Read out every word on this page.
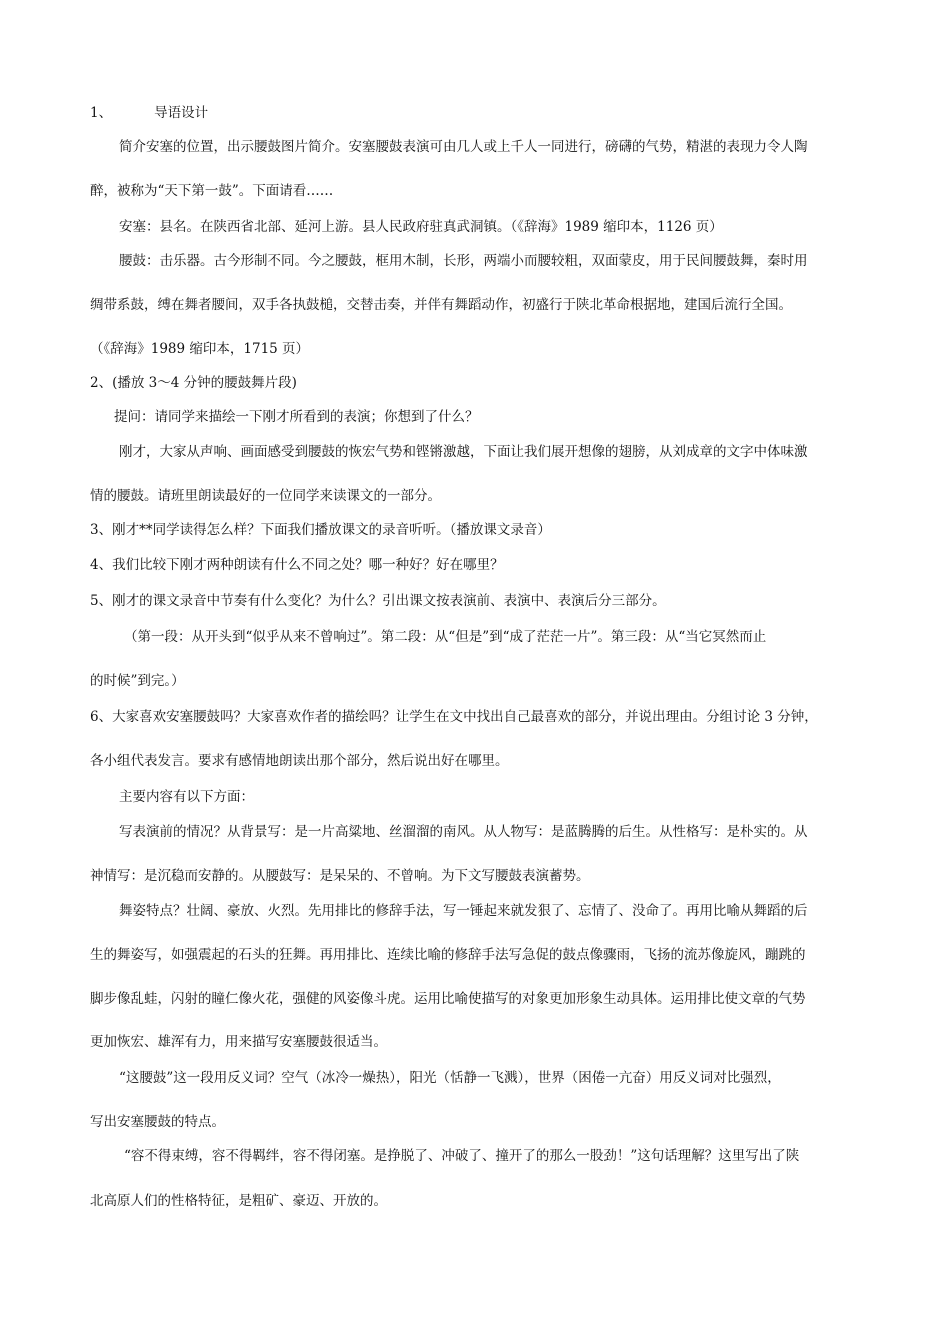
1、	导语设计
简介安塞的位置，出示腰鼓图片简介。安塞腰鼓表演可由几人或上千人一同进行，磅礴的气势，精湛的表现力令人陶
醉，被称为“天下第一鼓”。下面请看……
安塞：县名。在陕西省北部、延河上游。县人民政府驻真武洞镇。（《辞海》1989 缩印本，1126 页）
腰鼓：击乐器。古今形制不同。今之腰鼓，框用木制，长形，两端小而腰较粗，双面蒙皮，用于民间腰鼓舞，秦时用
绸带系鼓，缚在舞者腰间，双手各执鼓槌，交替击奏，并伴有舞蹈动作，初盛行于陕北革命根据地，建国后流行全国。
（《辞海》1989 缩印本，1715 页）
2、(播放 3～4 分钟的腰鼓舞片段)
提问：请同学来描绘一下刚才所看到的表演；你想到了什么？
刚才，大家从声响、画面感受到腰鼓的恢宏气势和铿锵激越，下面让我们展开想像的翅膀，从刘成章的文字中体味激
情的腰鼓。请班里朗读最好的一位同学来读课文的一部分。
3、刚才**同学读得怎么样？下面我们播放课文的录音听听。（播放课文录音）
4、我们比较下刚才两种朗读有什么不同之处？哪一种好？好在哪里？
5、刚才的课文录音中节奏有什么变化？为什么？引出课文按表演前、表演中、表演后分三部分。
（第一段：从开头到“似乎从来不曾响过”。第二段：从“但是”到“成了茫茫一片”。第三段：从“当它冥然而止
的时候”到完。）
6、大家喜欢安塞腰鼓吗？大家喜欢作者的描绘吗？让学生在文中找出自己最喜欢的部分，并说出理由。分组讨论 3 分钟，
各小组代表发言。要求有感情地朗读出那个部分，然后说出好在哪里。
主要内容有以下方面：
写表演前的情况？从背景写：是一片高粱地、丝溜溜的南风。从人物写：是蓝腾腾的后生。从性格写：是朴实的。从
神情写：是沉稳而安静的。从腰鼓写：是呆呆的、不曾响。为下文写腰鼓表演蓄势。
舞姿特点？壮阔、豪放、火烈。先用排比的修辞手法，写一锤起来就发狠了、忘情了、没命了。再用比喻从舞蹈的后
生的舞姿写，如强震起的石头的狂舞。再用排比、连续比喻的修辞手法写急促的鼓点像骤雨，飞扬的流苏像旋风，蹦跳的
脚步像乱蛙，闪射的瞳仁像火花，强健的风姿像斗虎。运用比喻使描写的对象更加形象生动具体。运用排比使文章的气势
更加恢宏、雄浑有力，用来描写安塞腰鼓很适当。
“这腰鼓”这一段用反义词？空气（冰冷一燥热），阳光（恬静一飞溅），世界（困倦一亢奋）用反义词对比强烈，
写出安塞腰鼓的特点。
“容不得束缚，容不得羁绊，容不得闭塞。是挣脱了、冲破了、撞开了的那么一股劲！”这句话理解？这里写出了陕
北高原人们的性格特征，是粗矿、豪迈、开放的。
